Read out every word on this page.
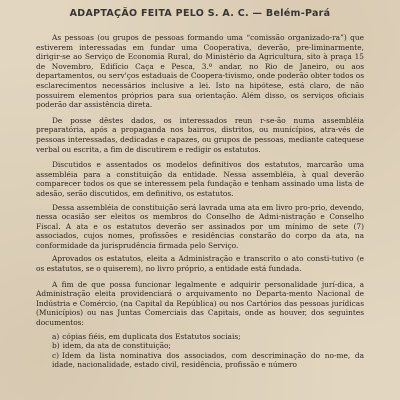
ADAPTAÇÃO FEITA PELO S. A. C. — Belém-Pará

As pessoas (ou grupos de pessoas formando uma “comissão organizado-ra”) que estiverem interessadas em fundar uma Cooperativa, deverão, pre-liminarmente, dirigir-se ao Serviço de Economia Rural, do Ministério da Agricultura, sito à praça 15 de Novembro, Edifício Caça e Pesca, 3.º andar, no Rio de Janeiro, ou aos departamentos, ou serv'ços estaduais de Coopera-tivismo, onde poderão obter todos os esclarecimentos necessários inclusive a lei. Isto na hipótese, está claro, de não possuirem elementos próprios para sua orientação. Além disso, os serviços oficiais poderão dar assistência direta.

De posse dêstes dados, os interessados reun r-se-ão numa assembléia preparatória, após a propaganda nos bairros, distritos, ou municípios, atra-vés de pessoas interessadas, dedicadas e capazes, ou grupos de pessoas, mediante catequese verbal ou escrita, a fim de discutirem e redigir os estatutos.

Discutidos e assentados os modelos definitivos dos estatutos, marcarão uma assembléia para a constituição da entidade. Nessa assembléia, à qual deverão comparecer todos os que se interessem pela fundação e tenham assinado uma lista de adesão, serão discutidos, em definitivo, os estatutos.

Dessa assembléia de constituição será lavrada uma ata em livro pro-prio, devendo, nessa ocasião ser eleitos os membros do Conselho de Admi-nistração e Conselho Fiscal. A ata e os estatutos deverão ser assinados por um mínimo de sete (7) associados, cujos nomes, profissões e residências constarão do corpo da ata, na conformidade da jurisprudência firmada pelo Serviço.

Aprovados os estatutos, eleita a Administração e transcrito o ato consti-tutivo (e os estatutos, se o quiserem), no livro próprio, a entidade está fundada.

A fim de que possa funcionar legalmente e adquirir personalidade jurí-dica, a Administração eleita providenciará o arquivamento no Departa-mento Nacional de Indústria e Comércio, (na Capital da República) ou nos Cartórios das pessoas jurídicas (Municípios) ou nas Juntas Comerciais das Capitais, onde as houver, dos seguintes documentos:

a) cópias fiéis, em duplicata dos Estatutos sociais;

b) idem, da ata de constituição;

c) Idem da lista nominativa dos associados, com descriminação do no-me, da idade, nacionalidade, estado civil, residência, profissão e número
